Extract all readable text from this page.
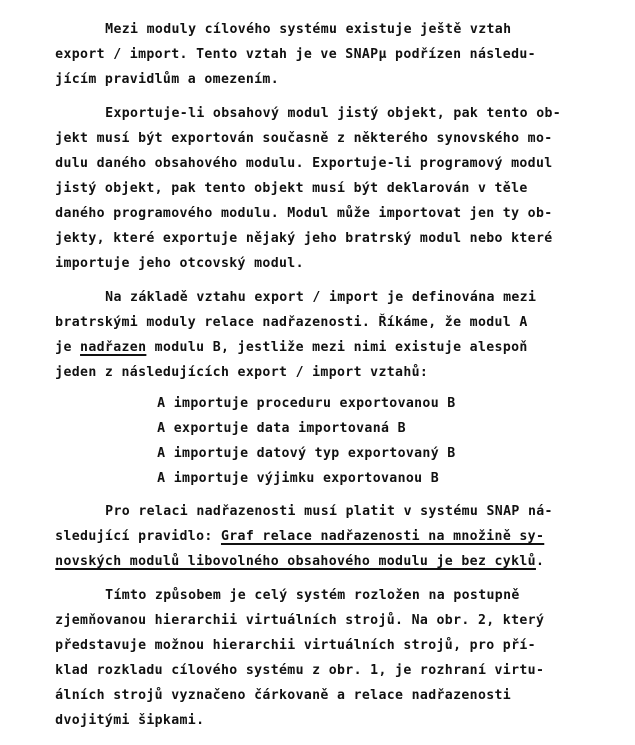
Mezi moduly cílového systému existuje ještě vztah

export / import. Tento vztah je ve SNAPµ podřízen následu-

jícím pravidlům a omezením.

Exportuje-li obsahový modul jistý objekt, pak tento ob-

jekt musí být exportován současně z některého synovského mo-

dulu daného obsahového modulu. Exportuje-li programový modul

jistý objekt, pak tento objekt musí být deklarován v těle

daného programového modulu. Modul může importovat jen ty ob-

jekty, které exportuje nějaký jeho bratrský modul nebo které

importuje jeho otcovský modul.

Na základě vztahu export / import je definována mezi

bratrskými moduly relace nadřazenosti. Říkáme, že modul A

je nadřazen modulu B, jestliže mezi nimi existuje alespoň

jeden z následujících export / import vztahů:

A importuje proceduru exportovanou B

A exportuje data importovaná B

A importuje datový typ exportovaný B

A importuje výjimku exportovanou B

Pro relaci nadřazenosti musí platit v systému SNAP ná-

sledující pravidlo: Graf relace nadřazenosti na množině sy-

novských modulů libovolného obsahového modulu je bez cyklů.

Tímto způsobem je celý systém rozložen na postupně

zjemňovanou hierarchii virtuálních strojů. Na obr. 2, který

představuje možnou hierarchii virtuálních strojů, pro pří-

klad rozkladu cílového systému z obr. 1, je rozhraní virtu-

álních strojů vyznačeno čárkovaně a relace nadřazenosti

dvojitými šipkami.
